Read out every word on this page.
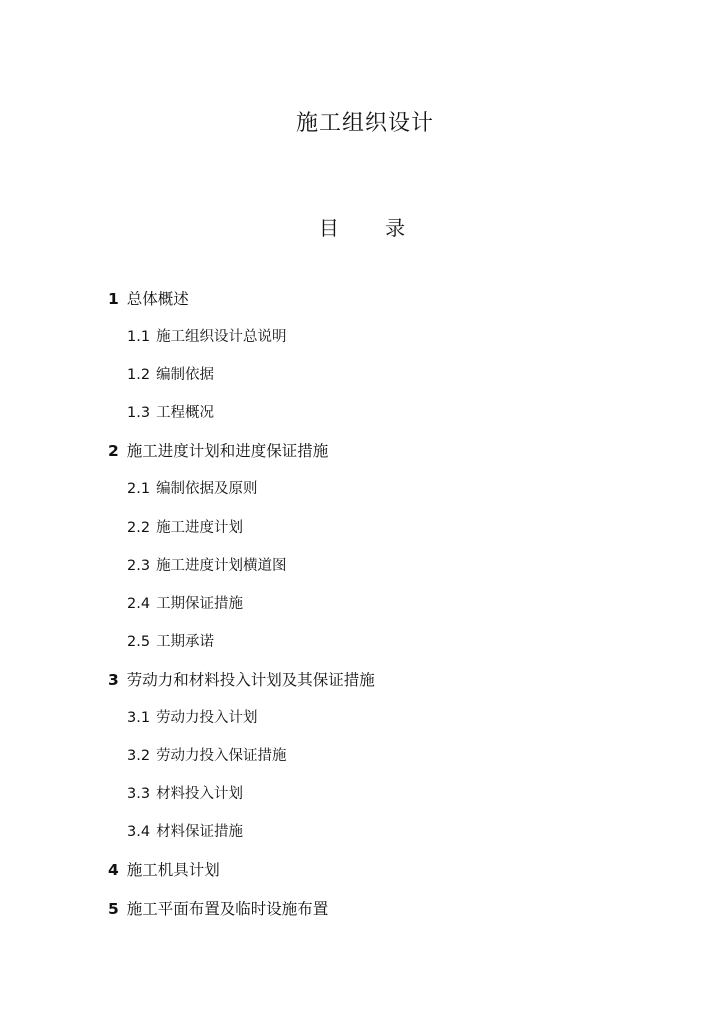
施工组织设计
目 录
1 总体概述
1.1 施工组织设计总说明
1.2 编制依据
1.3 工程概况
2 施工进度计划和进度保证措施
2.1 编制依据及原则
2.2 施工进度计划
2.3 施工进度计划横道图
2.4 工期保证措施
2.5 工期承诺
3 劳动力和材料投入计划及其保证措施
3.1 劳动力投入计划
3.2 劳动力投入保证措施
3.3 材料投入计划
3.4 材料保证措施
4 施工机具计划
5 施工平面布置及临时设施布置
